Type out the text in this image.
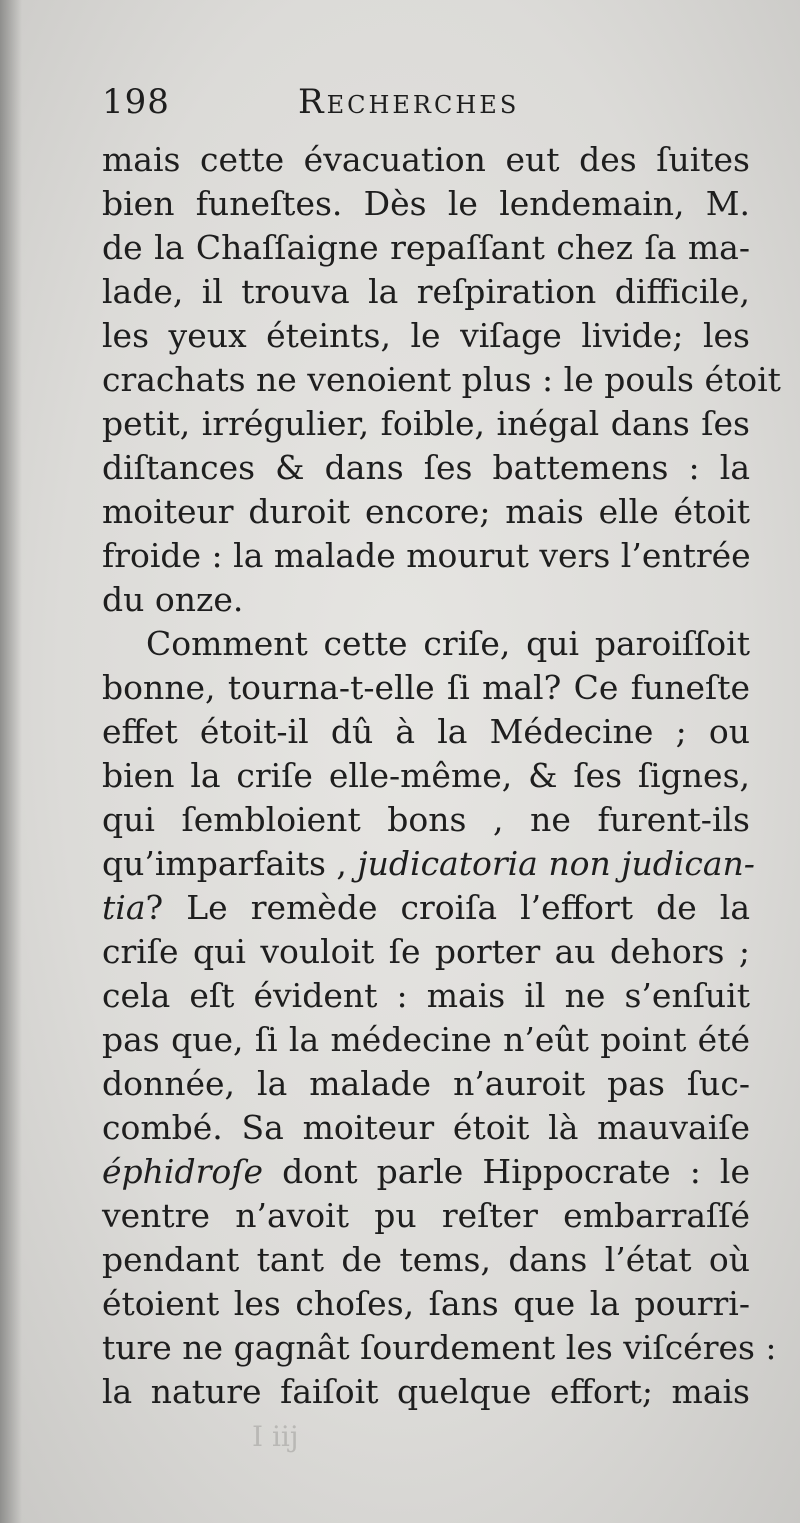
198	Recherches
mais cette évacuation eut des ſuites
bien funeſtes. Dès le lendemain, M.
de la Chaſſaigne repaſſant chez ſa ma-
lade, il trouva la reſpiration difficile,
les yeux éteints, le viſage livide; les
crachats ne venoient plus : le pouls étoit
petit, irrégulier, foible, inégal dans ſes
diſtances & dans ſes battemens : la
moiteur duroit encore; mais elle étoit
froide : la malade mourut vers l’entrée
du onze.
Comment cette criſe, qui paroiſſoit
bonne, tourna-t-elle ſi mal? Ce funeſte
effet étoit-il dû à la Médecine ; ou
bien la criſe elle-même, & ſes ſignes,
qui ſembloient bons , ne furent-ils
qu’imparfaits , judicatoria non judican-
tia? Le remède croiſa l’effort de la
criſe qui vouloit ſe porter au dehors ;
cela eſt évident : mais il ne s’enſuit
pas que, ſi la médecine n’eût point été
donnée, la malade n’auroit pas ſuc-
combé. Sa moiteur étoit là mauvaiſe
éphidroſe dont parle Hippocrate : le
ventre n’avoit pu reſter embarraſſé
pendant tant de tems, dans l’état où
étoient les choſes, ſans que la pourri-
ture ne gagnât ſourdement les viſcéres :
la nature faiſoit quelque effort; mais
I iij
